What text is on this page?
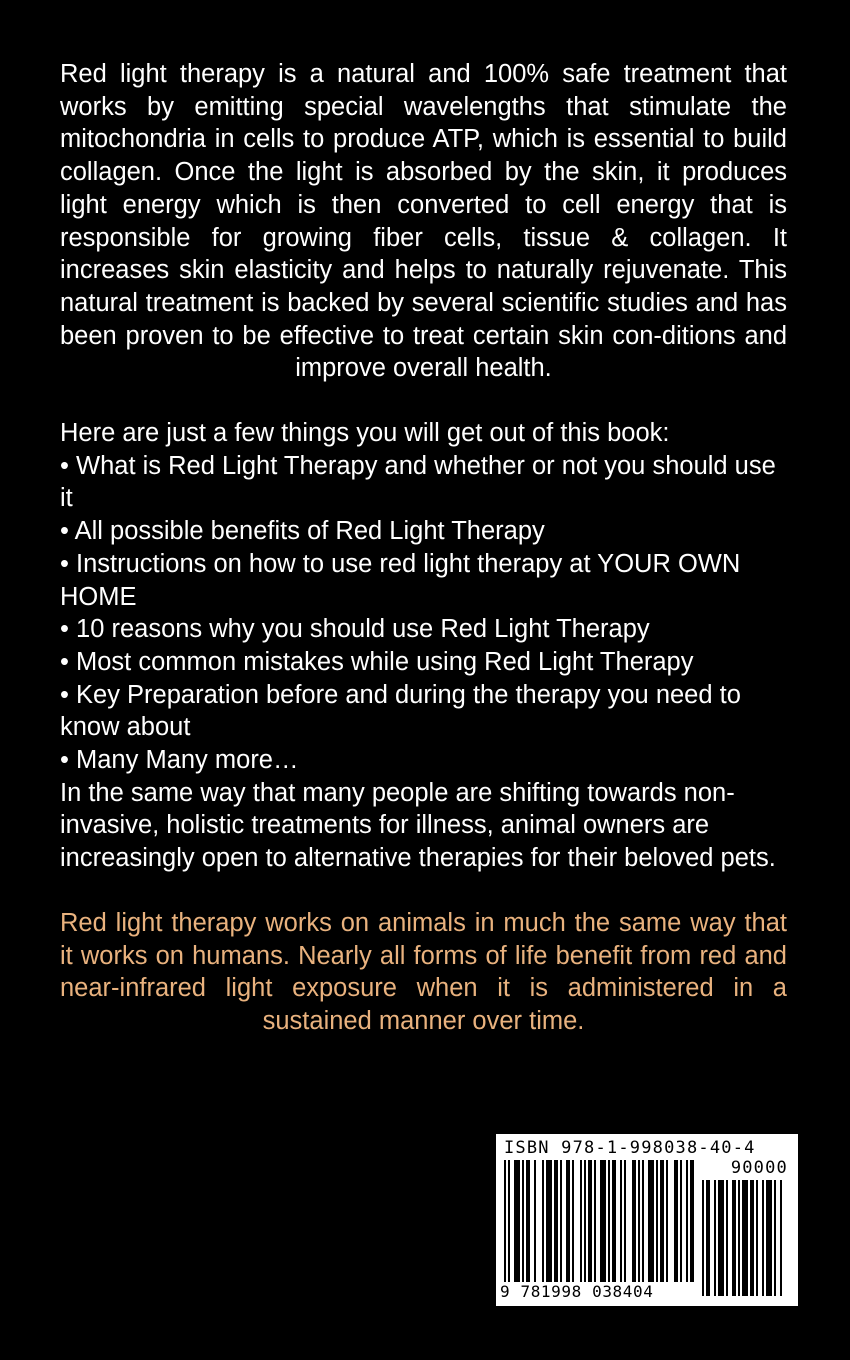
Red light therapy is a natural and 100% safe treatment that works by emitting special wavelengths that stimulate the mitochondria in cells to produce ATP, which is essential to build collagen. Once the light is absorbed by the skin, it produces light energy which is then converted to cell energy that is responsible for growing fiber cells, tissue & collagen. It increases skin elasticity and helps to naturally rejuvenate. This natural treatment is backed by several scientific studies and has been proven to be effective to treat certain skin con-ditions and improve overall health.

Here are just a few things you will get out of this book:

• What is Red Light Therapy and whether or not you should use it
• All possible benefits of Red Light Therapy
• Instructions on how to use red light therapy at YOUR OWN HOME
• 10 reasons why you should use Red Light Therapy
• Most common mistakes while using Red Light Therapy
• Key Preparation before and during the therapy you need to know about
• Many Many more…

In the same way that many people are shifting towards non-invasive, holistic treatments for illness, animal owners are increasingly open to alternative therapies for their beloved pets.

Red light therapy works on animals in much the same way that it works on humans. Nearly all forms of life benefit from red and near-infrared light exposure when it is administered in a sustained manner over time.

ISBN 978-1-998038-40-4
90000
9 781998 038404
